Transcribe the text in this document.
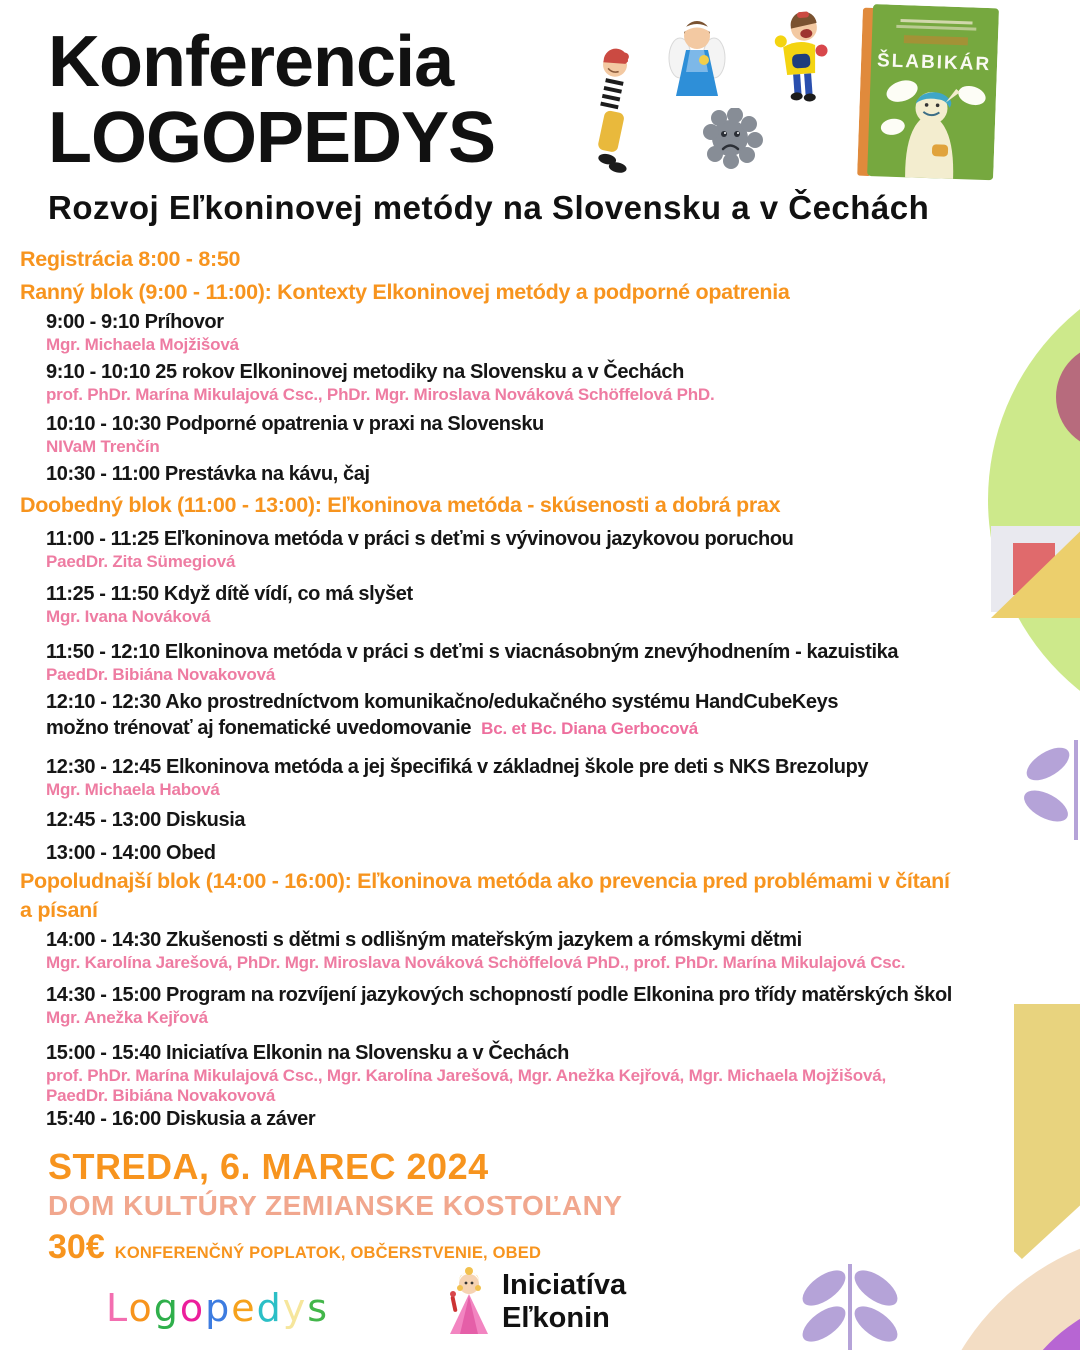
ŠLABIKÁR
Konferencia
LOGOPEDYS
Rozvoj Eľkoninovej metódy na Slovensku a v Čechách
Registrácia 8:00 - 8:50
Ranný blok (9:00 - 11:00): Kontexty Elkoninovej metódy a podporné opatrenia
9:00 - 9:10 Príhovor
Mgr. Michaela Mojžišová
9:10 - 10:10 25 rokov Elkoninovej metodiky na Slovensku a v Čechách
prof. PhDr. Marína Mikulajová Csc., PhDr. Mgr. Miroslava Nováková Schöffelová PhD.
10:10 - 10:30 Podporné opatrenia v praxi na Slovensku
NIVaM Trenčín
10:30 - 11:00 Prestávka na kávu, čaj
Doobedný blok (11:00 - 13:00): Eľkoninova metóda - skúsenosti a dobrá prax
11:00 - 11:25 Eľkoninova metóda v práci s deťmi s vývinovou jazykovou poruchou
PaedDr. Zita Sümegiová
11:25 - 11:50 Když dítě vídí, co má slyšet
Mgr. Ivana Nováková
11:50 - 12:10 Elkoninova metóda v práci s deťmi s viacnásobným znevýhodnením - kazuistika
PaedDr. Bibiána Novakovová
12:10 - 12:30 Ako prostredníctvom komunikačno/edukačného systému HandCubeKeys
možno trénovať aj fonematické uvedomovanie Bc. et Bc. Diana Gerbocová
12:30 - 12:45 Elkoninova metóda a jej špecifiká v základnej škole pre deti s NKS Brezolupy
Mgr. Michaela Habová
12:45 - 13:00 Diskusia
13:00 - 14:00 Obed
Popoludnajší blok (14:00 - 16:00): Eľkoninova metóda ako prevencia pred problémami v čítaní
a písaní
14:00 - 14:30 Zkušenosti s dětmi s odlišným mateřským jazykem a rómskymi dětmi
Mgr. Karolína Jarešová, PhDr. Mgr. Miroslava Nováková Schöffelová PhD., prof. PhDr. Marína Mikulajová Csc.
14:30 - 15:00 Program na rozvíjení jazykových schopností podle Elkonina pro třídy matěrských škol
Mgr. Anežka Kejřová
15:00 - 15:40 Iniciatíva Elkonin na Slovensku a v Čechách
prof. PhDr. Marína Mikulajová Csc., Mgr. Karolína Jarešová, Mgr. Anežka Kejřová, Mgr. Michaela Mojžišová,
PaedDr. Bibiána Novakovová
15:40 - 16:00 Diskusia a záver
STREDA, 6. MAREC 2024
DOM KULTÚRY ZEMIANSKE KOSTOĽANY
30€ KONFERENČNÝ POPLATOK, OBČERSTVENIE, OBED
Logopedys
Iniciatíva
Eľkonin
